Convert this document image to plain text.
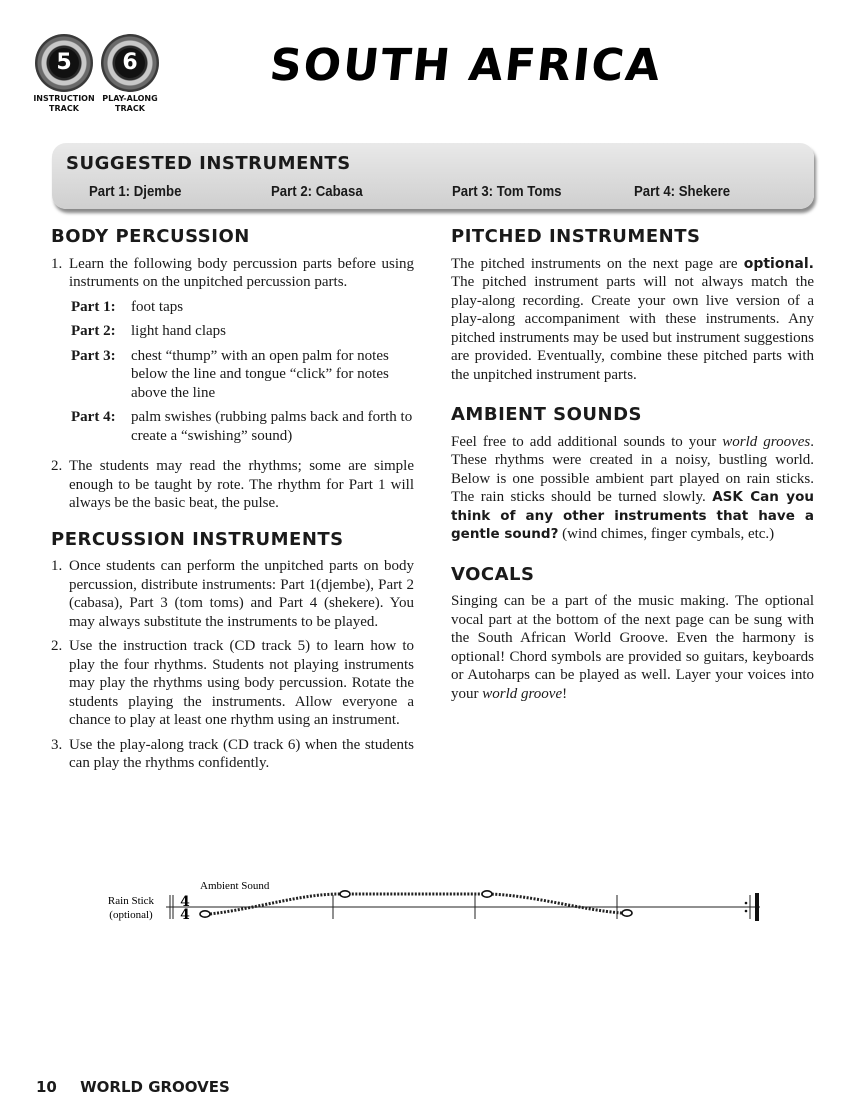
5
INSTRUCTION
TRACK
6
PLAY-ALONG
TRACK
SOUTH AFRICA
SUGGESTED INSTRUMENTS
Part 1: Djembe	Part 2: Cabasa	Part 3: Tom Toms	Part 4: Shekere
BODY PERCUSSION
1. Learn the following body percussion parts before using instruments on the unpitched percussion parts.
Part 1:	foot taps
Part 2:	light hand claps
Part 3:	chest “thump” with an open palm for notes below the line and tongue “click” for notes above the line
Part 4:	palm swishes (rubbing palms back and forth to create a “swishing” sound)
2. The students may read the rhythms; some are simple enough to be taught by rote. The rhythm for Part 1 will always be the basic beat, the pulse.
PERCUSSION INSTRUMENTS
1. Once students can perform the unpitched parts on body percussion, distribute instruments: Part 1(djembe), Part 2 (cabasa), Part 3 (tom toms) and Part 4 (shekere). You may always substitute the instruments to be played.
2. Use the instruction track (CD track 5) to learn how to play the four rhythms. Students not playing instruments may play the rhythms using body percussion. Rotate the students playing the instruments. Allow everyone a chance to play at least one rhythm using an instrument.
3. Use the play-along track (CD track 6) when the students can play the rhythms confidently.
PITCHED INSTRUMENTS

The pitched instruments on the next page are optional. The pitched instrument parts will not always match the play-along recording. Create your own live version of a play-along accompaniment with these instruments. Any pitched instruments may be used but instrument suggestions are provided. Eventually, combine these pitched parts with the unpitched instrument parts.

AMBIENT SOUNDS

Feel free to add additional sounds to your world grooves. These rhythms were created in a noisy, bustling world. Below is one possible ambient part played on rain sticks. The rain sticks should be turned slowly. ASK Can you think of any other instruments that have a gentle sound? (wind chimes, finger cymbals, etc.)

VOCALS

Singing can be a part of the music making. The optional vocal part at the bottom of the next page can be sung with the South African World Groove. Even the harmony is optional! Chord symbols are provided so guitars, keyboards or Autoharps can be played as well. Layer your voices into your world groove!

Ambient Sound
Rain Stick
(optional)
4
4
10 WORLD GROOVES
